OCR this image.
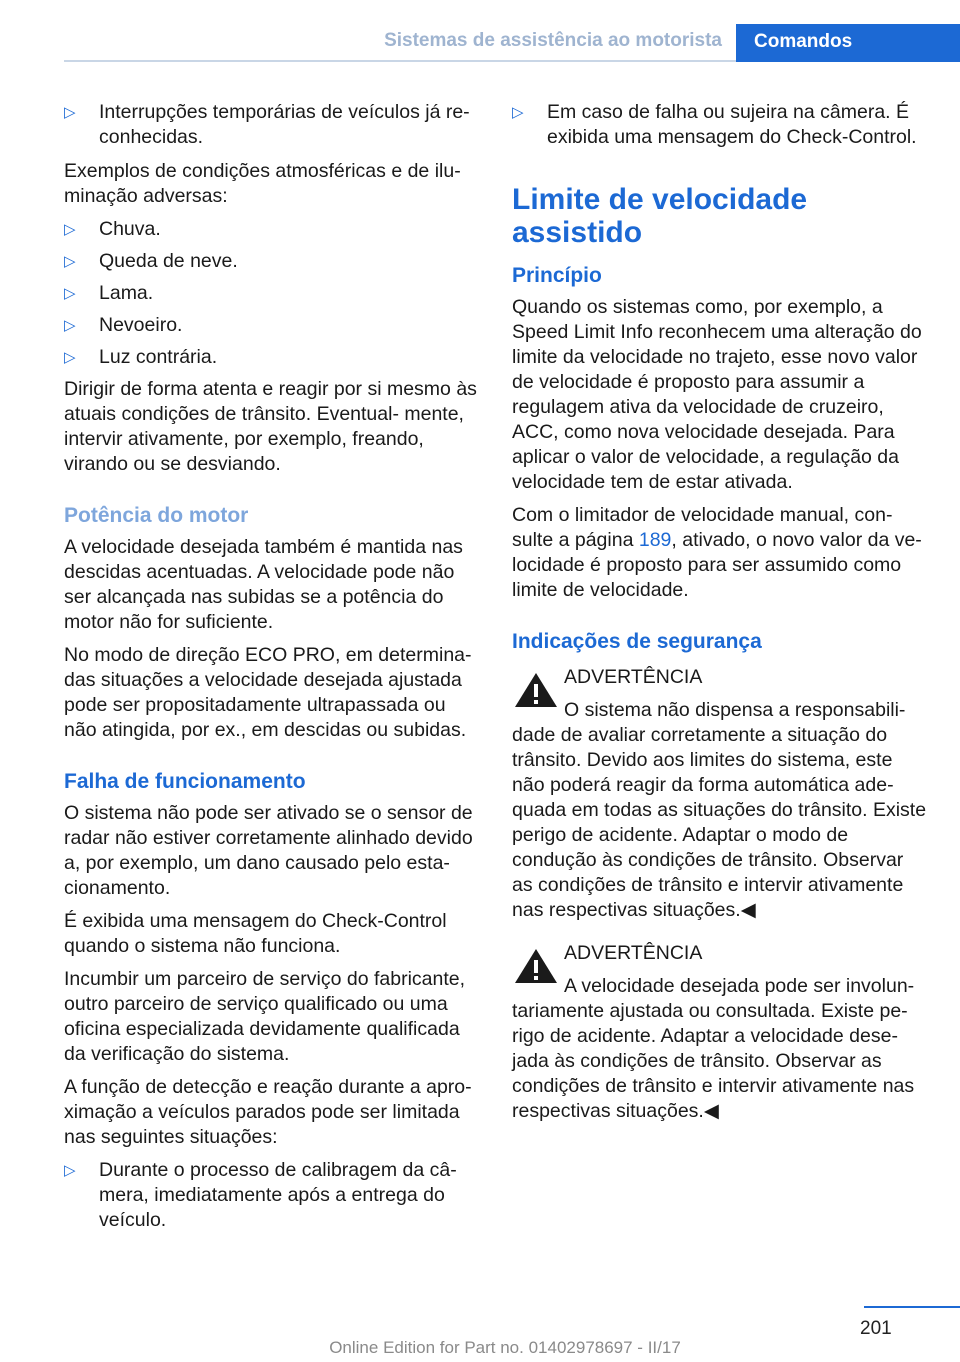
Sistemas de assistência ao motorista Comandos
▷ Interrupções temporárias de veículos já re‐ conhecidas.

Exemplos de condições atmosféricas e de ilu‐ minação adversas:

▷ Chuva.
▷ Queda de neve.
▷ Lama.
▷ Nevoeiro.
▷ Luz contrária.

Dirigir de forma atenta e reagir por si mesmo às atuais condições de trânsito. Eventual‐ mente, intervir ativamente, por exemplo, freando, virando ou se desviando.

Potência do motor

A velocidade desejada também é mantida nas descidas acentuadas. A velocidade pode não ser alcançada nas subidas se a potência do motor não for suficiente.

No modo de direção ECO PRO, em determina‐ das situações a velocidade desejada ajustada pode ser propositadamente ultrapassada ou não atingida, por ex., em descidas ou subidas.

Falha de funcionamento

O sistema não pode ser ativado se o sensor de radar não estiver corretamente alinhado devido a, por exemplo, um dano causado pelo esta‐ cionamento.

É exibida uma mensagem do Check-Control quando o sistema não funciona.

Incumbir um parceiro de serviço do fabricante, outro parceiro de serviço qualificado ou uma oficina especializada devidamente qualificada da verificação do sistema.

A função de detecção e reação durante a apro‐ ximação a veículos parados pode ser limitada nas seguintes situações:

▷ Durante o processo de calibragem da câ‐ mera, imediatamente após a entrega do veículo.
▷ Em caso de falha ou sujeira na câmera. É exibida uma mensagem do Check-Control.
Limite de velocidade assistido
Princípio

Quando os sistemas como, por exemplo, a Speed Limit Info reconhecem uma alteração do limite da velocidade no trajeto, esse novo valor de velocidade é proposto para assumir a regulagem ativa da velocidade de cruzeiro, ACC, como nova velocidade desejada. Para aplicar o valor de velocidade, a regulação da velocidade tem de estar ativada.

Com o limitador de velocidade manual, con‐ sulte a página 189, ativado, o novo valor da ve‐ locidade é proposto para ser assumido como limite de velocidade.

Indicações de segurança
ADVERTÊNCIA
O sistema não dispensa a responsabili‐
dade de avaliar corretamente a situação do trânsito. Devido aos limites do sistema, este não poderá reagir da forma automática ade‐ quada em todas as situações do trânsito. Existe perigo de acidente. Adaptar o modo de condução às condições de trânsito. Observar as condições de trânsito e intervir ativamente nas respectivas situações.◀
ADVERTÊNCIA
A velocidade desejada pode ser involun‐
tariamente ajustada ou consultada. Existe pe‐ rigo de acidente. Adaptar a velocidade dese‐ jada às condições de trânsito. Observar as condições de trânsito e intervir ativamente nas respectivas situações.◀
201
Online Edition for Part no. 01402978697 - II/17
